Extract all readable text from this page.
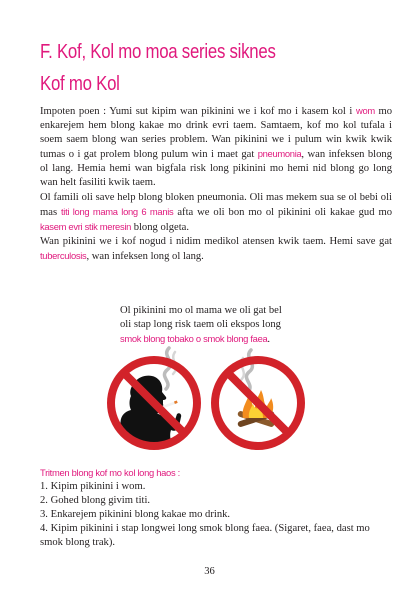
F. Kof, Kol mo moa series siknes
Kof mo Kol

Impoten poen : Yumi sut kipim wan pikinini we i kof mo i kasem kol i wom mo enkarejem hem blong kakae mo drink evri taem. Samtaem, kof mo kol tufala i soem saem blong wan series problem. Wan pikinini we i pulum win kwik kwik tumas o i gat prolem blong pulum win i maet gat pneumonia, wan infeksen blong ol lang. Hemia hemi wan bigfala risk long pikinini mo hemi nid blong go long wan helt fasiliti kwik taem.

Ol famili oli save help blong bloken pneumonia. Oli mas mekem sua se ol bebi oli mas titi long mama long 6 manis afta we oli bon mo ol pikinini oli kakae gud mo kasem evri stik meresin blong olgeta.

Wan pikinini we i kof nogud i nidim medikol atensen kwik taem. Hemi save gat tuberculosis, wan infeksen long ol lang.

Ol pikinini mo ol mama we oli gat bel

oli stap long risk taem oli ekspos long

smok blong tobako o smok blong faea.

Tritmen blong kof mo kol long haos :
1. Kipim pikinini i wom.
2. Gohed blong givim titi.
3. Enkarejem pikinini blong kakae mo drink.
4. Kipim pikinini i stap longwei long smok blong faea. (Sigaret, faea, dast mo smok blong trak).
36
